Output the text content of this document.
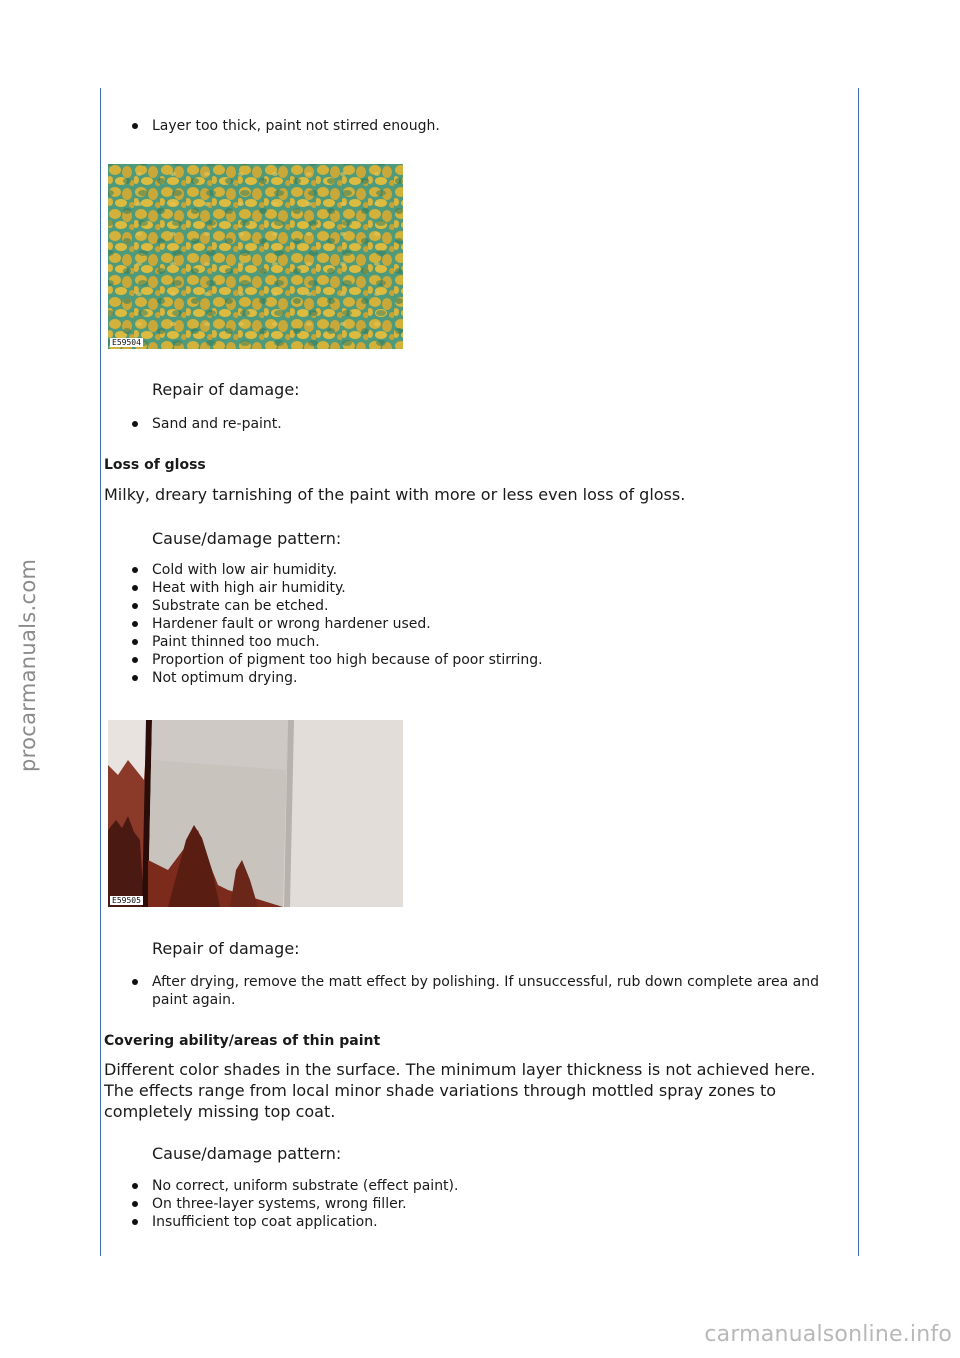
procarmanuals.com
carmanualsonline.info
Layer too thick, paint not stirred enough.
E59504
Repair of damage:
Sand and re-paint.
Loss of gloss
Milky, dreary tarnishing of the paint with more or less even loss of gloss.
Cause/damage pattern:
Cold with low air humidity.
Heat with high air humidity.
Substrate can be etched.
Hardener fault or wrong hardener used.
Paint thinned too much.
Proportion of pigment too high because of poor stirring.
Not optimum drying.
E59505
Repair of damage:
After drying, remove the matt effect by polishing. If unsuccessful, rub down complete area and paint again.
Covering ability/areas of thin paint
Different color shades in the surface. The minimum layer thickness is not achieved here. The effects range from local minor shade variations through mottled spray zones to completely missing top coat.
Cause/damage pattern:
No correct, uniform substrate (effect paint).
On three-layer systems, wrong filler.
Insufficient top coat application.
